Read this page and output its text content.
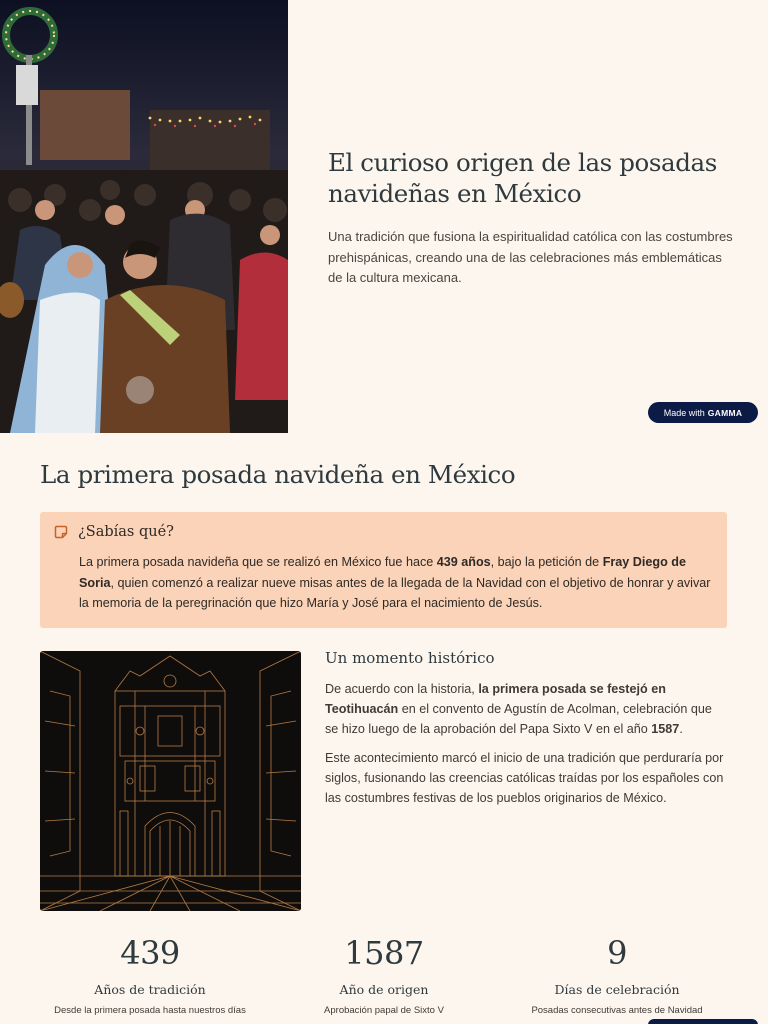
El curioso origen de las posadas navideñas en México

Una tradición que fusiona la espiritualidad católica con las costumbres prehispánicas, creando una de las celebraciones más emblemáticas de la cultura mexicana.

Made with GAMMA
La primera posada navideña en México
¿Sabías qué?

La primera posada navideña que se realizó en México fue hace 439 años, bajo la petición de Fray Diego de Soria, quien comenzó a realizar nueve misas antes de la llegada de la Navidad con el objetivo de honrar y avivar la memoria de la peregrinación que hizo María y José para el nacimiento de Jesús.

Un momento histórico

De acuerdo con la historia, la primera posada se festejó en Teotihuacán en el convento de Agustín de Acolman, celebración que se hizo luego de la aprobación del Papa Sixto V en el año 1587.

Este acontecimiento marcó el inicio de una tradición que perduraría por siglos, fusionando las creencias católicas traídas por los españoles con las costumbres festivas de los pueblos originarios de México.

439
Años de tradición
Desde la primera posada hasta nuestros días
1587
Año de origen
Aprobación papal de Sixto V
9
Días de celebración
Posadas consecutivas antes de Navidad
